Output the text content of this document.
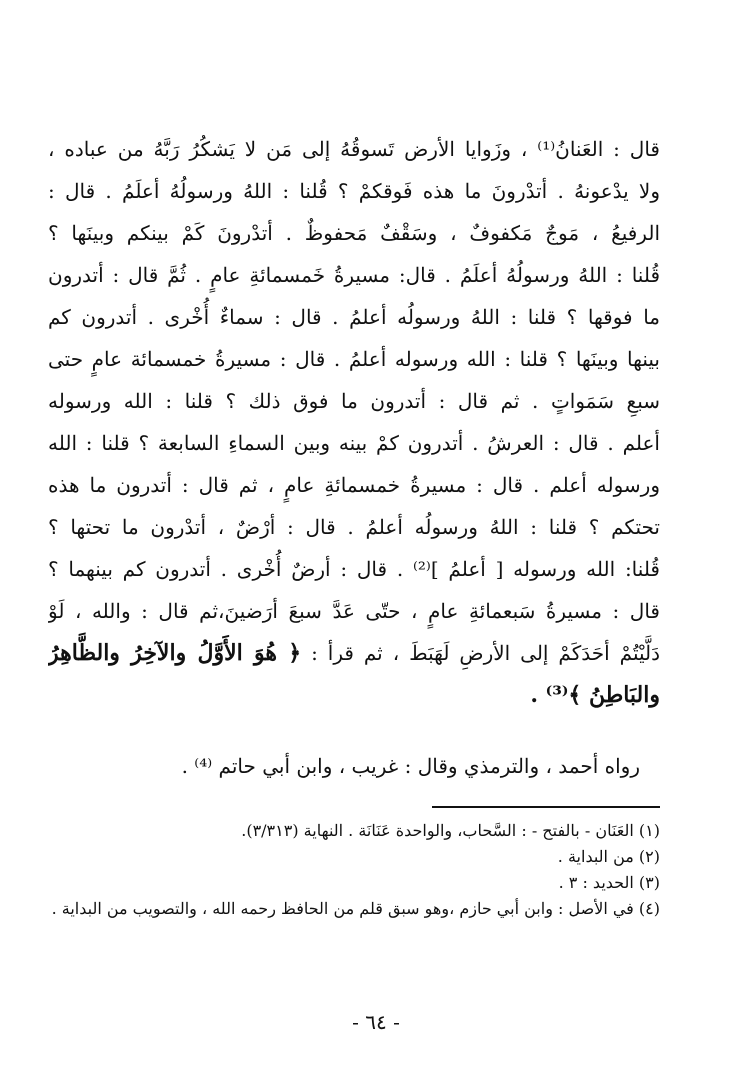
قال : العَنانُ⁽¹⁾ ، وزَوايا الأرض تَسوقُهُ إلى مَن لا يَشكُرُ رَبَّهُ من عباده ،
ولا يدْعونهُ . أتدْرونَ ما هذه فَوقكمْ ؟ قُلنا : اللهُ ورسولُهُ أعلَمُ . قال :
الرفيعُ ، مَوجٌ مَكفوفٌ ، وسَقْفٌ مَحفوظٌ . أتدْرونَ كَمْ بينكم وبينَها ؟
قُلنا : اللهُ ورسولُهُ أعلَمُ . قال: مسيرةُ خَمسمائةِ عامٍ . ثُمَّ قال : أتدرون
ما فوقها ؟ قلنا : اللهُ ورسولُه أعلمُ . قال : سماءٌ أُخْرى . أتدرون كم
بينها وبينَها ؟ قلنا : الله ورسوله أعلمُ . قال : مسيرةُ خمسمائة عامٍ حتى
سبعِ سَمَواتٍ . ثم قال : أتدرون ما فوق ذلك ؟ قلنا : الله ورسوله
أعلم . قال : العرشُ . أتدرون كمْ بينه وبين السماءِ السابعة ؟ قلنا : الله
ورسوله أعلم . قال : مسيرةُ خمسمائةِ عامٍ ، ثم قال : أتدرون ما هذه
تحتكم ؟ قلنا : اللهُ ورسولُه أعلمُ . قال : أرْضٌ ، أتدْرون ما تحتها ؟
قُلنا: الله ورسوله [ أعلمُ ]⁽²⁾ . قال : أرضٌ أُخْرى . أتدرون كم بينهما ؟
قال : مسيرةُ سَبعمائةِ عامٍ ، حتّى عَدَّ سبعَ أرَضينَ،ثم قال : والله ، لَوْ
دَلَّيْتُمْ أحَدَكَمْ إلى الأرضِ لَهَبَطَ ، ثم قرأ : ﴿ هُوَ الأَوَّلُ والآخِرُ والظَّاهِرُ
والبَاطِنُ ﴾⁽³⁾ .
رواه أحمد ، والترمذي وقال : غريب ، وابن أبي حاتم ⁽⁴⁾ .
(١) العَنَان - بالفتح - : السَّحاب، والواحدة عَنَانَة . النهاية (٣/٣١٣).
(٢) من البداية .
(٣) الحديد : ٣ .
(٤) في الأصل : وابن أبي حازم ،وهو سبق قلم من الحافظ رحمه الله ، والتصويب من البداية .
- ٦٤ -
